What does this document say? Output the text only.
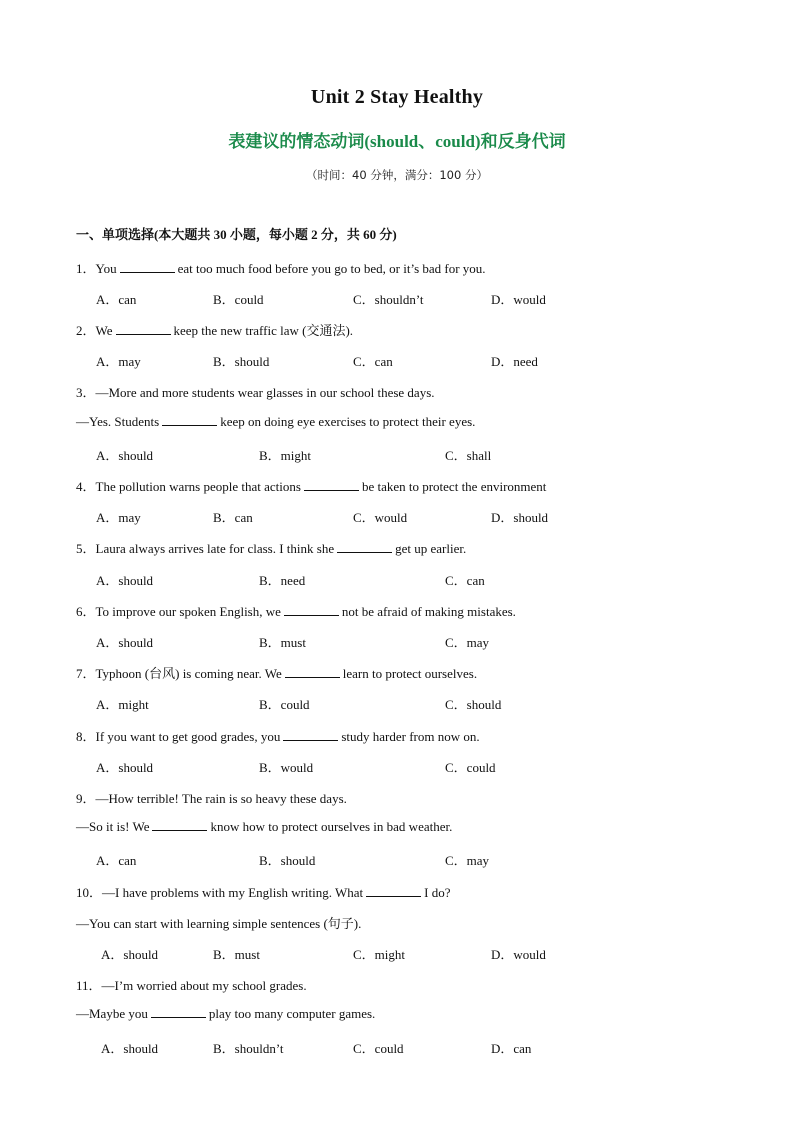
Unit 2 Stay Healthy
表建议的情态动词(should、could)和反身代词
（时间：40 分钟，满分：100 分）
一、单项选择(本大题共 30 小题，每小题 2 分，共 60 分)
1．You	eat too much food before you go to bed, or it’s bad for you.
A．can	B．could	C．shouldn’t	D．would
2．We	keep the new traffic law (交通法).
A．may	B．should	C．can	D．need
3．—More and more students wear glasses in our school these days.
—Yes. Students	keep on doing eye exercises to protect their eyes.
A．should	B．might	C．shall
4．The pollution warns people that actions	be taken to protect the environment
A．may	B．can	C．would	D．should
5．Laura always arrives late for class. I think she	get up earlier.
A．should	B．need	C．can
6．To improve our spoken English, we	not be afraid of making mistakes.
A．should	B．must	C．may
7．Typhoon (台风) is coming near. We	learn to protect ourselves.
A．might	B．could	C．should
8．If you want to get good grades, you	study harder from now on.
A．should	B．would	C．could
9．—How terrible! The rain is so heavy these days.
—So it is! We	know how to protect ourselves in bad weather.
A．can	B．should	C．may
10．—I have problems with my English writing. What	I do?
—You can start with learning simple sentences (句子).
A．should	B．must	C．might	D．would
11．—I’m worried about my school grades.
—Maybe you	play too many computer games.
A．should	B．shouldn’t	C．could	D．can
